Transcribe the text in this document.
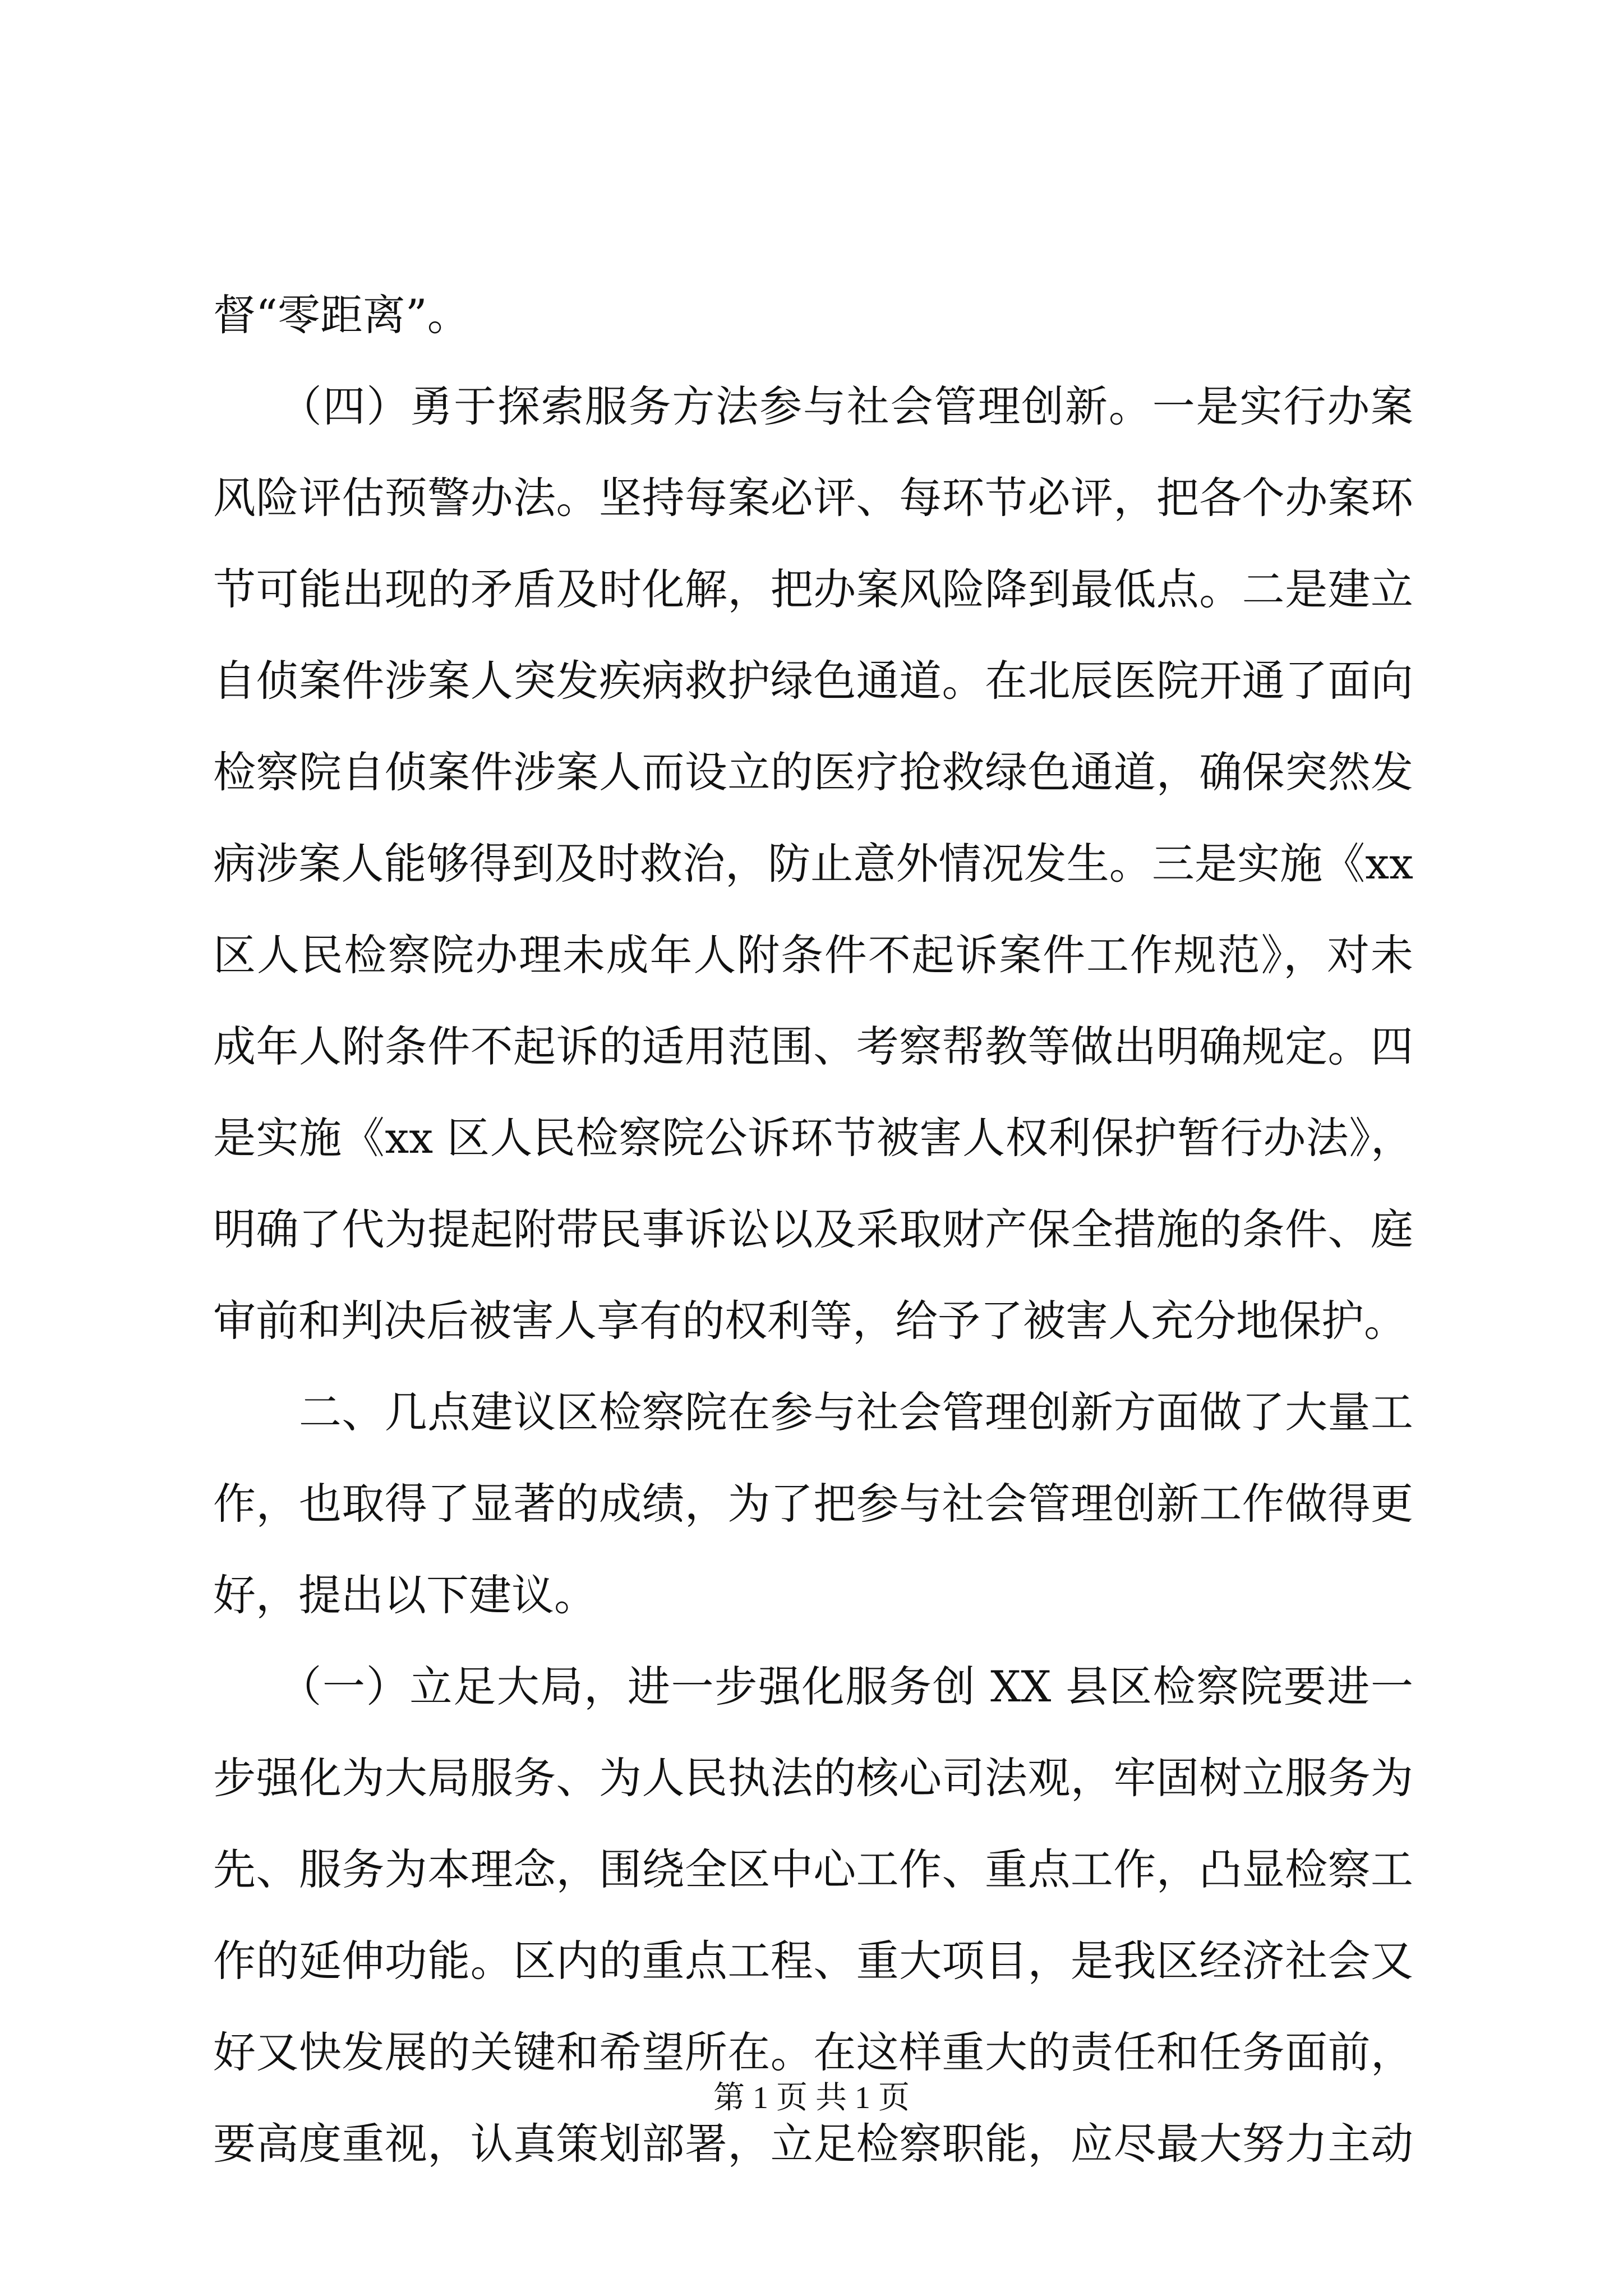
督“零距离”。
　　（四）勇于探索服务方法参与社会管理创新。一是实行办案
风险评估预警办法。坚持每案必评、每环节必评，把各个办案环
节可能出现的矛盾及时化解，把办案风险降到最低点。二是建立
自侦案件涉案人突发疾病救护绿色通道。在北辰医院开通了面向
检察院自侦案件涉案人而设立的医疗抢救绿色通道，确保突然发
病涉案人能够得到及时救治，防止意外情况发生。三是实施《xx
区人民检察院办理未成年人附条件不起诉案件工作规范》，对未
成年人附条件不起诉的适用范围、考察帮教等做出明确规定。四
是实施《xx 区人民检察院公诉环节被害人权利保护暂行办法》，
明确了代为提起附带民事诉讼以及采取财产保全措施的条件、庭
审前和判决后被害人享有的权利等，给予了被害人充分地保护。
　　二、几点建议区检察院在参与社会管理创新方面做了大量工
作，也取得了显著的成绩，为了把参与社会管理创新工作做得更
好，提出以下建议。
　　（一）立足大局，进一步强化服务创 XX 县区检察院要进一
步强化为大局服务、为人民执法的核心司法观，牢固树立服务为
先、服务为本理念，围绕全区中心工作、重点工作，凸显检察工
作的延伸功能。区内的重点工程、重大项目，是我区经济社会又
好又快发展的关键和希望所在。在这样重大的责任和任务面前，
要高度重视，认真策划部署，立足检察职能，应尽最大努力主动
第 1 页 共 1 页
